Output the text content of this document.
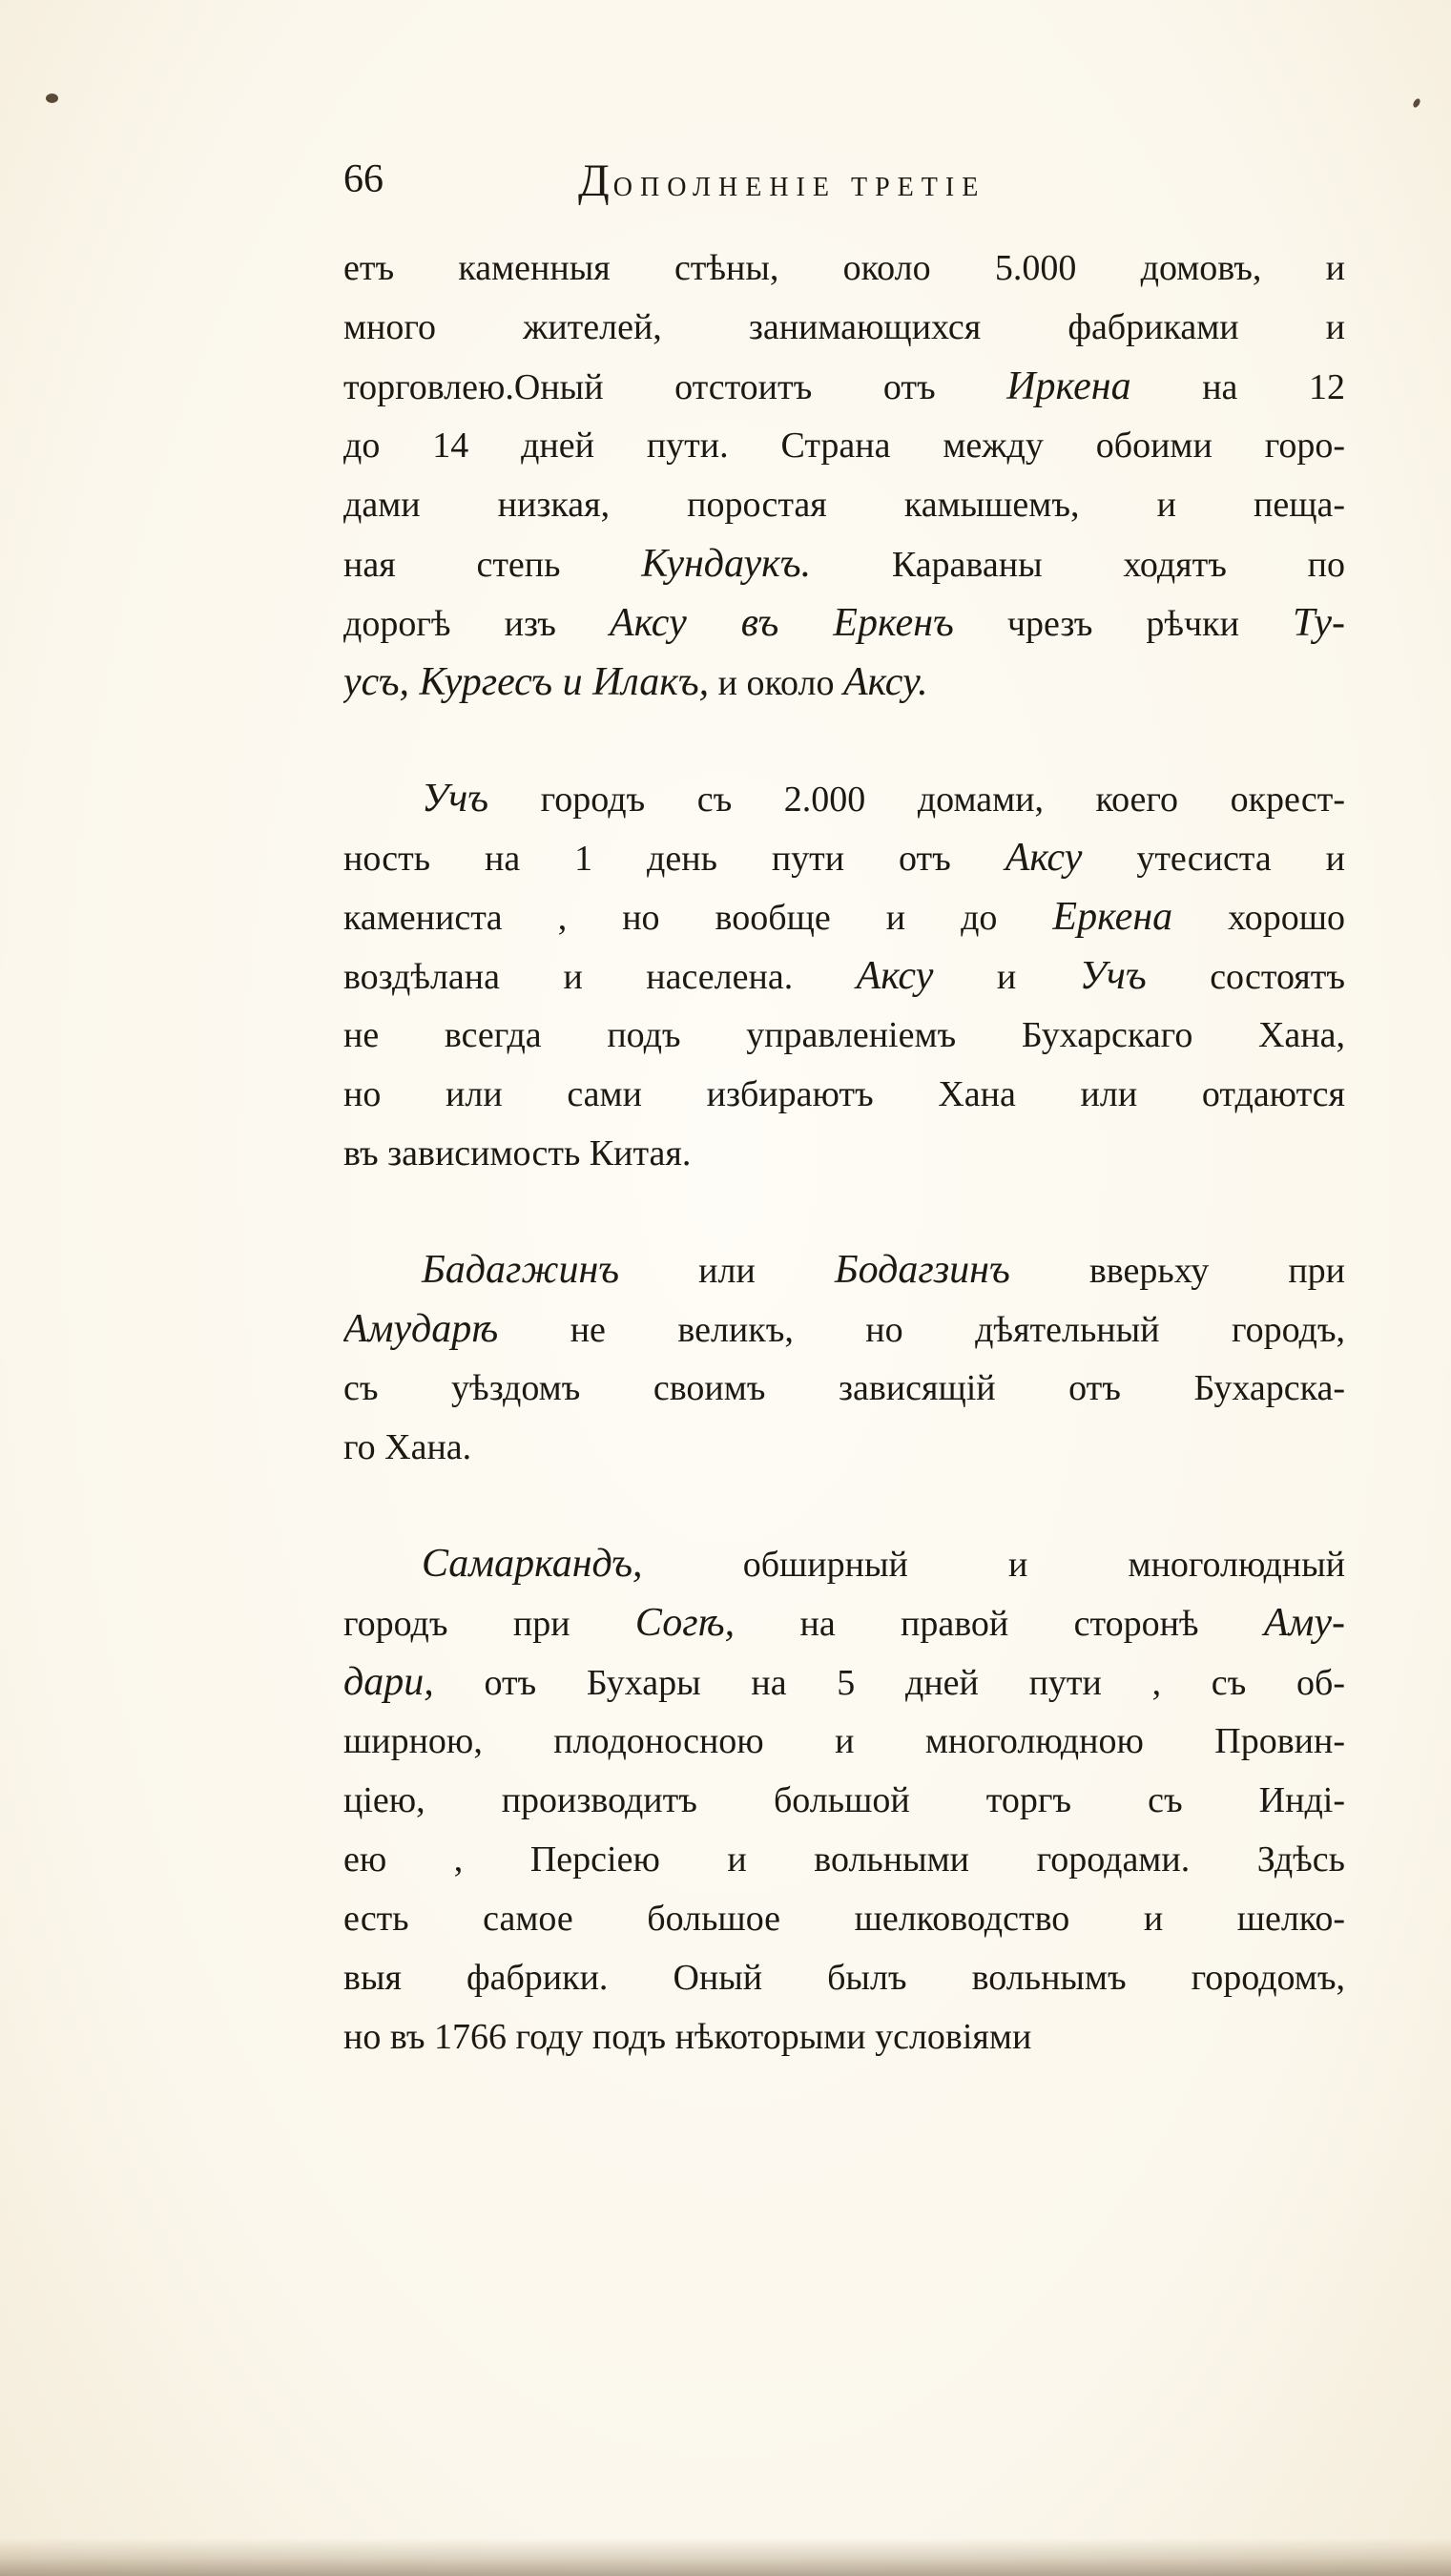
66	ДОПОЛНЕНІЕ ТРЕТІЕ
етъ каменныя стѣны, около 5.000 домовъ, и
много жителей, занимающихся фабриками и
торговлею.Оный отстоитъ отъ Иркена на 12
до 14 дней пути. Страна между обоими горо-
дами низкая, поростая камышемъ, и пеща-
ная степь Кундаукъ. Караваны ходятъ по
дорогѣ изъ Аксу въ Еркенъ чрезъ рѣчки Ту-
усъ, Кургесъ и Илакъ, и около Аксу.
Учъ городъ съ 2.000 домами, коего окрест-
ность на 1 день пути отъ Аксу утесиста и
каменистa , но вообще и до Еркена хорошо
воздѣлана и населена. Аксу и Учъ состоятъ
не всегда подъ управленіемъ Бухарскаго Хана,
но или сами избираютъ Хана или отдаются
въ зависимость Китая.
Бадагжинъ или Бодагзинъ вверьху при
Амударѣ не великъ, но дѣятельный городъ,
съ уѣздомъ своимъ зависящій отъ Бухарска-
го Хана.
Самаркандъ, обширный и многолюдный
городъ при Согѣ, на правой сторонѣ Аму-
дари, отъ Бухары на 5 дней пути , съ об-
ширною, плодоносною и многолюдною Провин-
ціею, производитъ большой торгъ съ Инді-
ею , Персіею и вольными городами. Здѣсь
есть самое большое шелководство и шелко-
выя фабрики. Оный былъ вольнымъ городомъ,
но въ 1766 году подъ нѣкоторыми условіями
